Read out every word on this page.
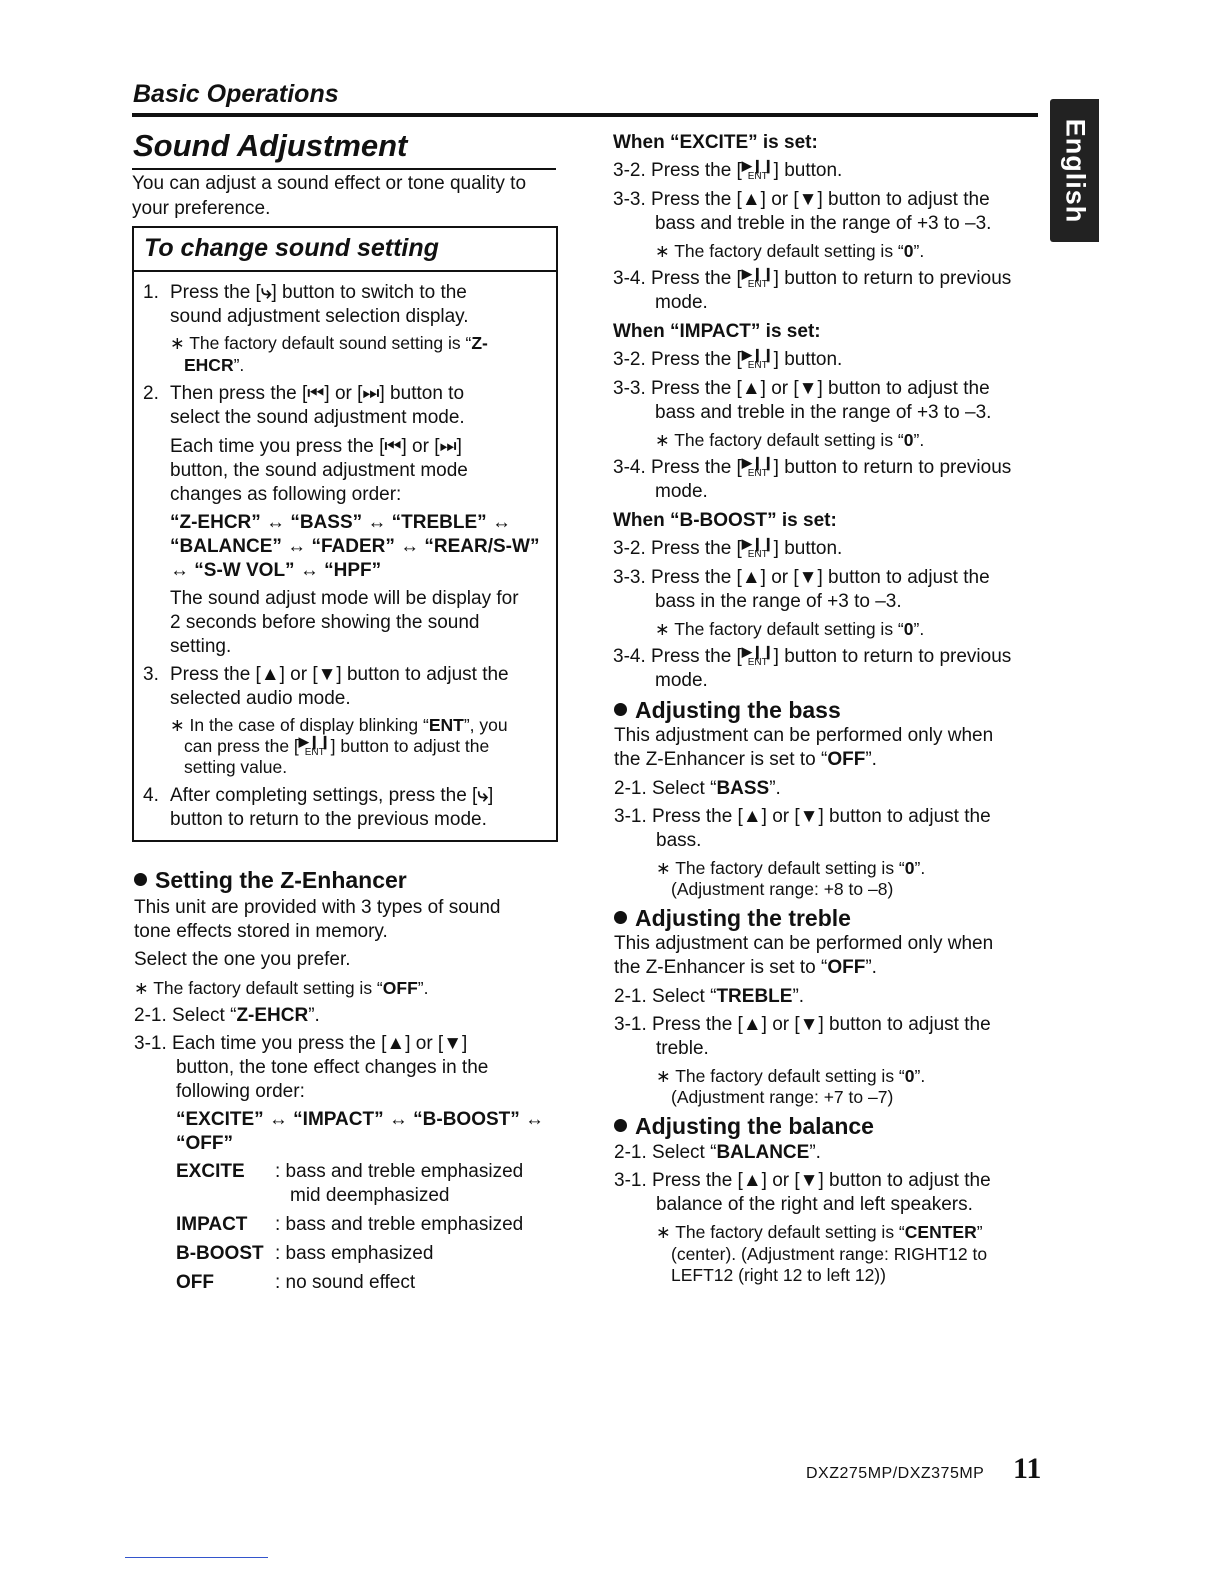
Basic Operations
English
Sound Adjustment
You can adjust a sound effect or tone quality to
your preference.
To change sound setting
1. Press the [⤷] button to switch to the
sound adjustment selection display.
∗ The factory default sound setting is “Z-
EHCR”.
2. Then press the [⏮] or [⏭] button to
select the sound adjustment mode.
Each time you press the [⏮] or [⏭]
button, the sound adjustment mode
changes as following order:
“Z-EHCR” ↔ “BASS” ↔ “TREBLE” ↔
“BALANCE” ↔ “FADER” ↔ “REAR/S-W”
↔ “S-W VOL” ↔ “HPF”
The sound adjust mode will be display for
2 seconds before showing the sound
setting.
3. Press the [▲] or [▼] button to adjust the
selected audio mode.
∗ In the case of display blinking “ENT”, you
can press the [▶❙❙
ENT ] button to adjust the
setting value.
4. After completing settings, press the [⤷]
button to return to the previous mode.
Setting the Z-Enhancer
This unit are provided with 3 types of sound
tone effects stored in memory.
Select the one you prefer.
∗ The factory default setting is “OFF”.
2-1. Select “Z-EHCR”.
3-1. Each time you press the [▲] or [▼]
button, the tone effect changes in the
following order:
“EXCITE” ↔ “IMPACT” ↔ “B-BOOST” ↔
“OFF”
EXCITE : bass and treble emphasized
mid deemphasized
IMPACT : bass and treble emphasized
B-BOOST : bass emphasized
OFF	: no sound effect
When “EXCITE” is set:
3-2. Press the [▶❙❙
ENT ] button.
3-3. Press the [▲] or [▼] button to adjust the
bass and treble in the range of +3 to –3.
∗ The factory default setting is “0”.
3-4. Press the [▶❙❙
ENT ] button to return to previous
mode.
When “IMPACT” is set:
3-2. Press the [▶❙❙
ENT ] button.
3-3. Press the [▲] or [▼] button to adjust the
bass and treble in the range of +3 to –3.
∗ The factory default setting is “0”.
3-4. Press the [▶❙❙
ENT ] button to return to previous
mode.
When “B-BOOST” is set:
3-2. Press the [▶❙❙
ENT ] button.
3-3. Press the [▲] or [▼] button to adjust the
bass in the range of +3 to –3.
∗ The factory default setting is “0”.
3-4. Press the [▶❙❙
ENT ] button to return to previous
mode.
Adjusting the bass
This adjustment can be performed only when
the Z-Enhancer is set to “OFF”.
2-1. Select “BASS”.
3-1. Press the [▲] or [▼] button to adjust the
bass.
∗ The factory default setting is “0”.
(Adjustment range: +8 to –8)
Adjusting the treble
This adjustment can be performed only when
the Z-Enhancer is set to “OFF”.
2-1. Select “TREBLE”.
3-1. Press the [▲] or [▼] button to adjust the
treble.
∗ The factory default setting is “0”.
(Adjustment range: +7 to –7)
Adjusting the balance
2-1. Select “BALANCE”.
3-1. Press the [▲] or [▼] button to adjust the
balance of the right and left speakers.
∗ The factory default setting is “CENTER”
(center). (Adjustment range: RIGHT12 to
LEFT12 (right 12 to left 12))
DXZ275MP/DXZ375MP 11
